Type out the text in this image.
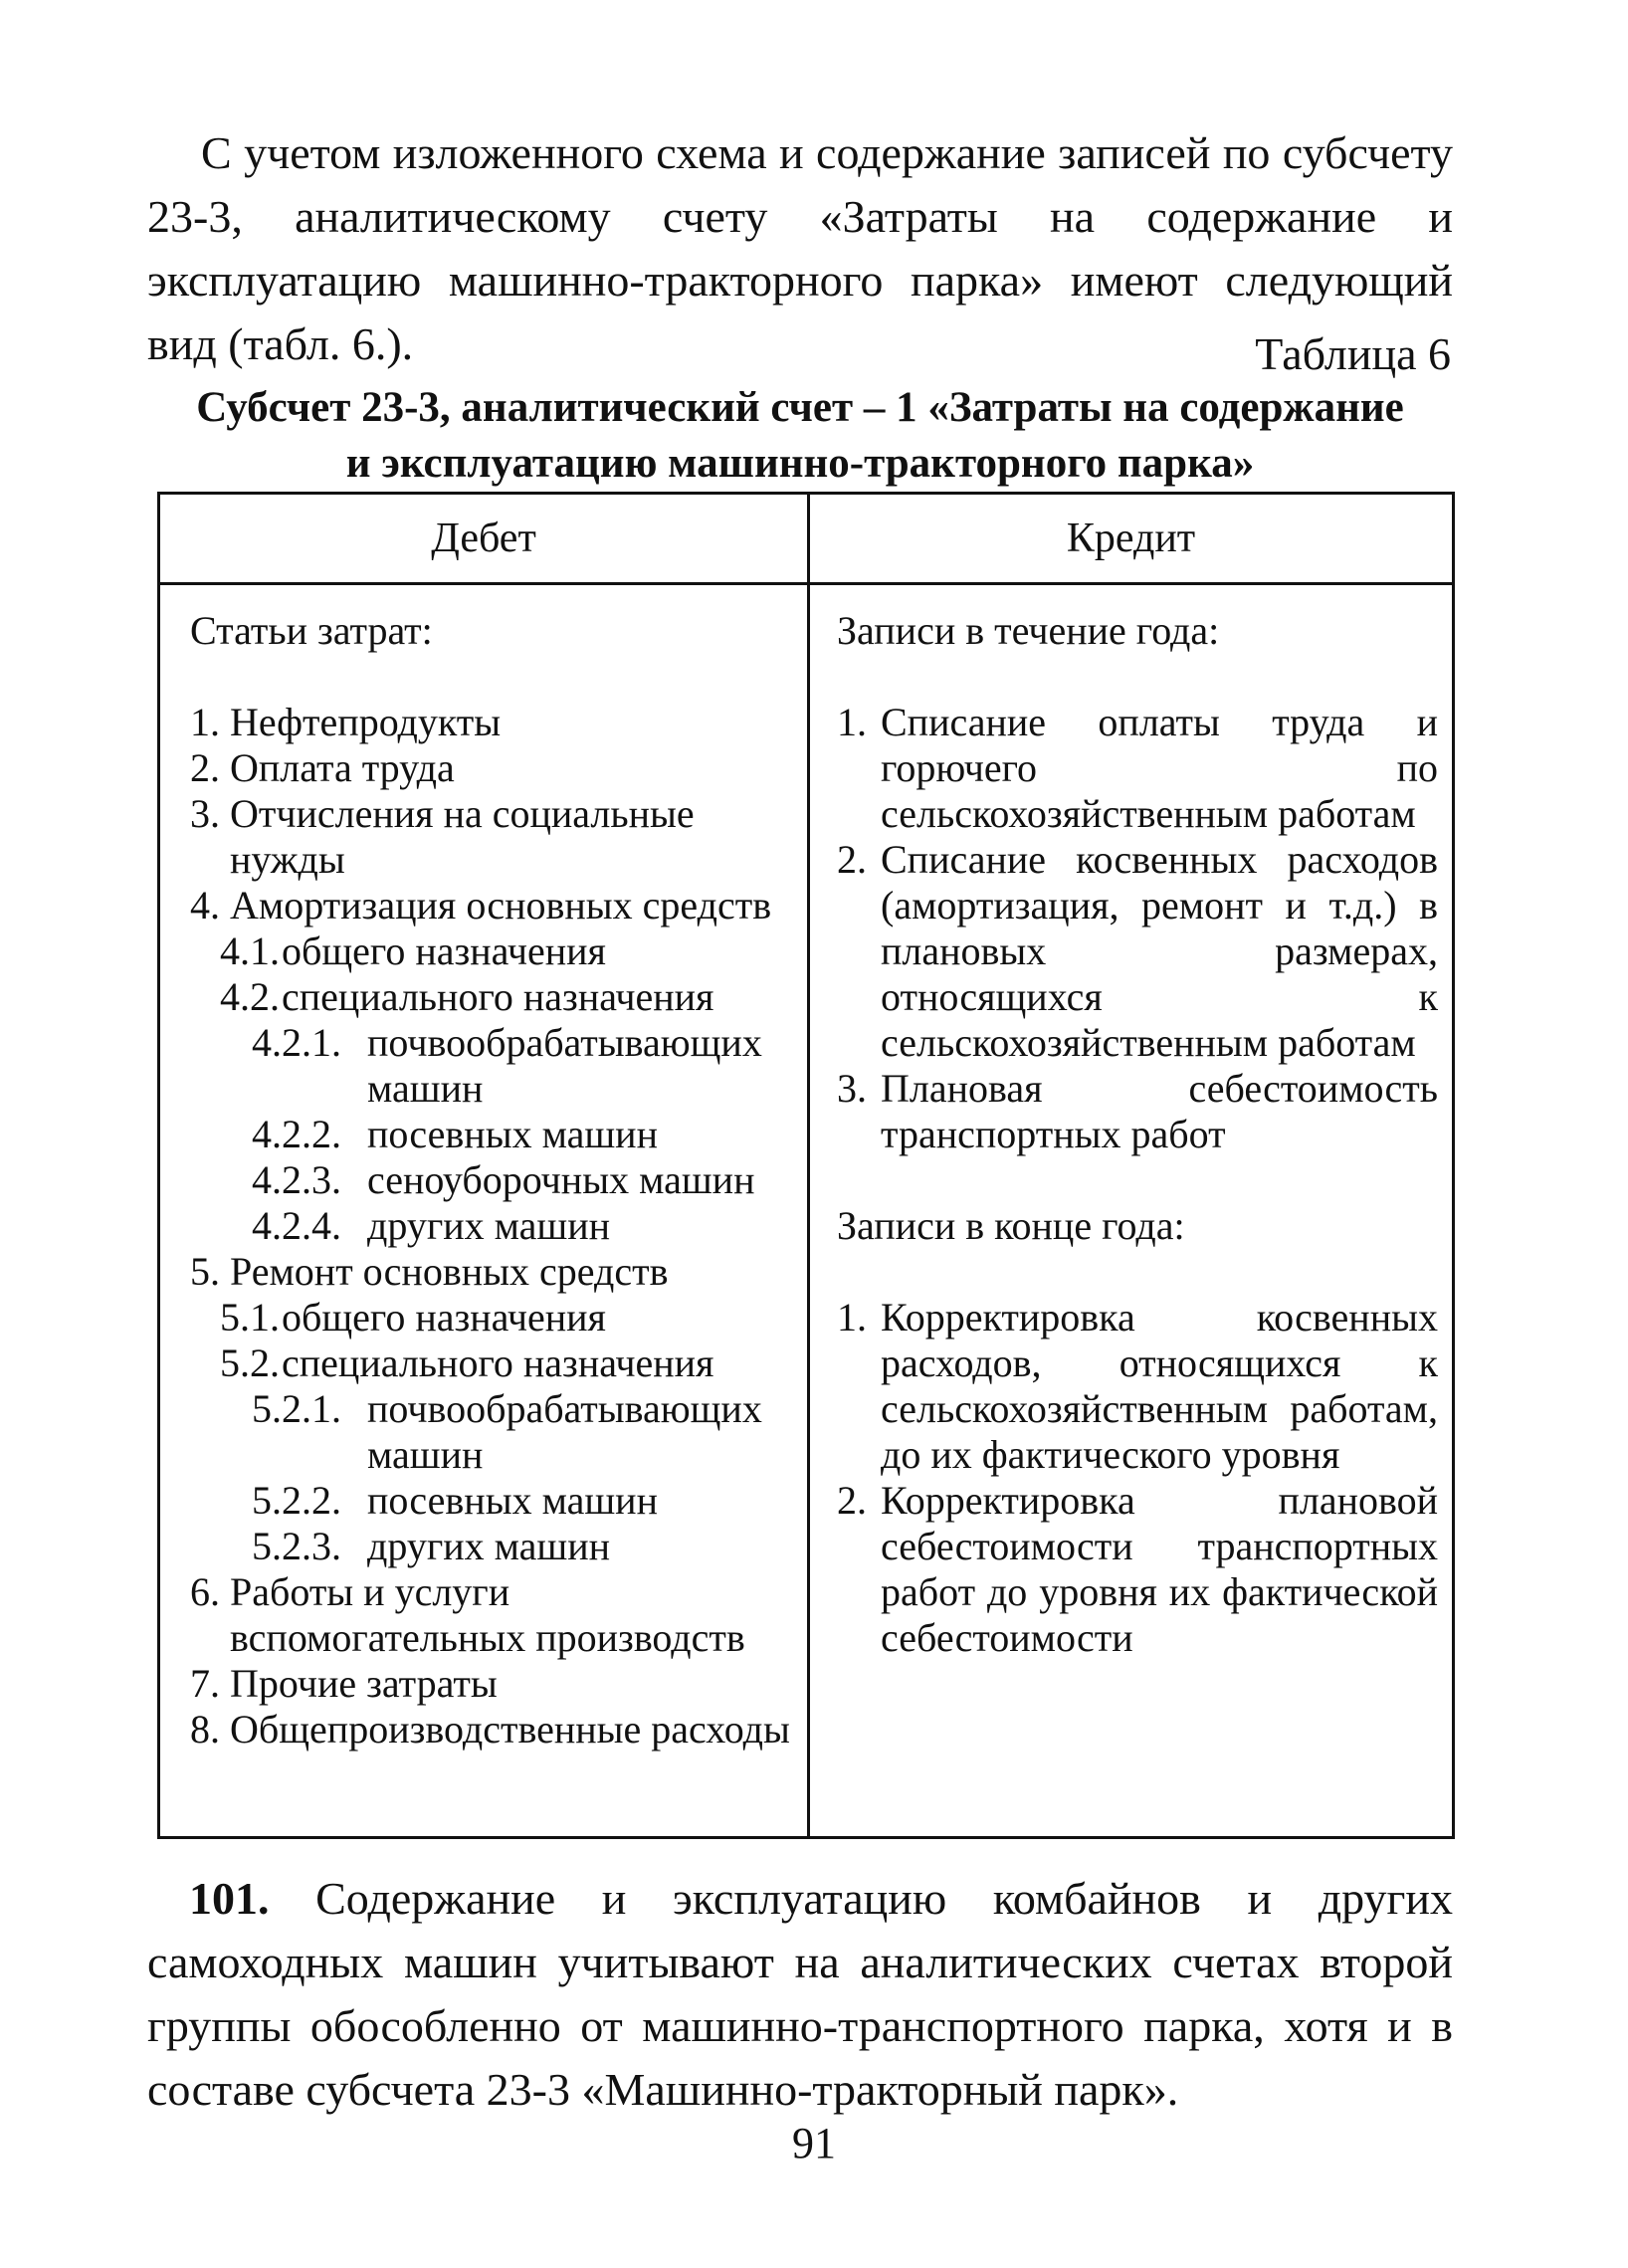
С учетом изложенного схема и содержание записей по субсчету 23-3, аналитическому счету «Затраты на содержание и эксплуатацию машинно-тракторного парка» имеют следующий вид (табл. 6.).	Таблица 6

Субсчет 23-3, аналитический счет – 1 «Затраты на содержание
и эксплуатацию машинно-тракторного парка»
Дебет	Кредит

Статьи затрат:

1. Нефтепродукты

2. Оплата труда

3. Отчисления на социальные нужды

4. Амортизация основных средств

4.1. общего назначения

4.2. специального назначения

4.2.1. почвообрабатывающих машин

4.2.2. посевных машин

4.2.3. сеноуборочных машин

4.2.4. других машин

5. Ремонт основных средств

5.1. общего назначения

5.2. специального назначения

5.2.1. почвообрабатывающих машин

5.2.2. посевных машин

5.2.3. других машин

6. Работы и услуги вспомогательных производств

7. Прочие затраты

8. Общепроизводственные расходы

Записи в течение года:

1. Списание оплаты труда и горючего по сельскохозяйственным работам

2. Списание косвенных расходов (амортизация, ремонт и т.д.) в плановых размерах, относящихся к сельскохозяйственным работам

3. Плановая себестоимость транспортных работ

Записи в конце года:

1. Корректировка косвенных расходов, относящихся к сельскохозяйственным работам, до их фактического уровня

2. Корректировка плановой себестоимости транспортных работ до уровня их фактической себестоимости

101. Содержание и эксплуатацию комбайнов и других самоходных машин учитывают на аналитических счетах второй группы обособленно от машинно-транспортного парка, хотя и в составе субсчета 23-3 «Машинно-тракторный парк».

91
